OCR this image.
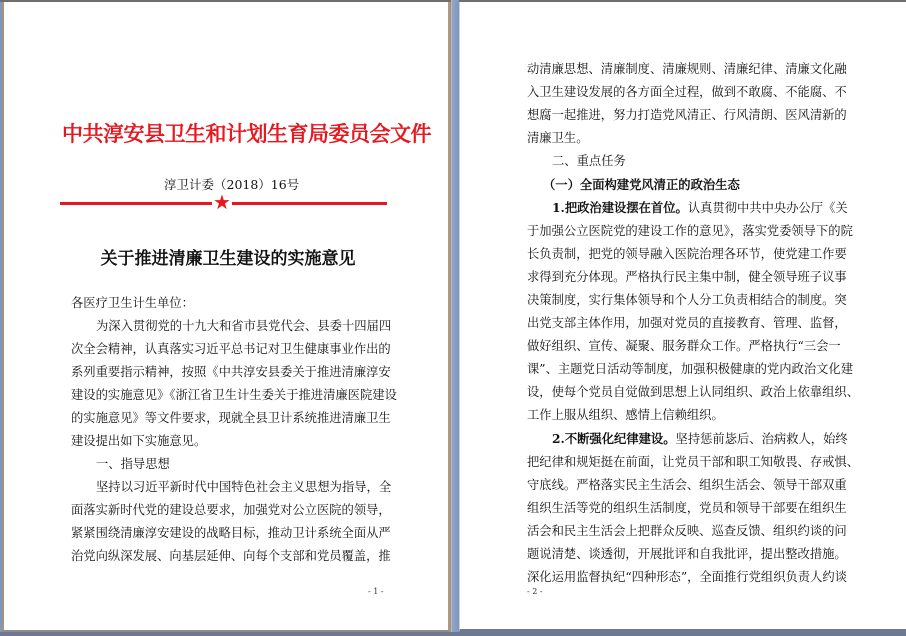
中共淳安县卫生和计划生育局委员会文件
淳卫计委（2018）16号
★
关于推进清廉卫生建设的实施意见

各医疗卫生计生单位：

为深入贯彻党的十九大和省市县党代会、县委十四届四

次全会精神，认真落实习近平总书记对卫生健康事业作出的

系列重要指示精神，按照《中共淳安县委关于推进清廉淳安

建设的实施意见》《浙江省卫生计生委关于推进清廉医院建设

的实施意见》等文件要求，现就全县卫计系统推进清廉卫生

建设提出如下实施意见。

一、指导思想

坚持以习近平新时代中国特色社会主义思想为指导，全

面落实新时代党的建设总要求，加强党对公立医院的领导，

紧紧围绕清廉淳安建设的战略目标，推动卫计系统全面从严

治党向纵深发展、向基层延伸、向每个支部和党员覆盖，推

- 1 -

动清廉思想、清廉制度、清廉规则、清廉纪律、清廉文化融

入卫生建设发展的各方面全过程，做到不敢腐、不能腐、不

想腐一起推进，努力打造党风清正、行风清朗、医风清新的

清廉卫生。

二、重点任务

（一）全面构建党风清正的政治生态

1.把政治建设摆在首位。认真贯彻中共中央办公厅《关

于加强公立医院党的建设工作的意见》，落实党委领导下的院

长负责制，把党的领导融入医院治理各环节，使党建工作要

求得到充分体现。严格执行民主集中制，健全领导班子议事

决策制度，实行集体领导和个人分工负责相结合的制度。突

出党支部主体作用，加强对党员的直接教育、管理、监督，

做好组织、宣传、凝聚、服务群众工作。严格执行“三会一

课”、主题党日活动等制度，加强积极健康的党内政治文化建

设，使每个党员自觉做到思想上认同组织、政治上依靠组织、

工作上服从组织、感情上信赖组织。

2.不断强化纪律建设。坚持惩前毖后、治病救人，始终

把纪律和规矩挺在前面，让党员干部和职工知敬畏、存戒惧、

守底线。严格落实民主生活会、组织生活会、领导干部双重

组织生活等党的组织生活制度，党员和领导干部要在组织生

活会和民主生活会上把群众反映、巡查反馈、组织约谈的问

题说清楚、谈透彻，开展批评和自我批评，提出整改措施。

深化运用监督执纪“四种形态”，全面推行党组织负责人约谈

- 2 -
